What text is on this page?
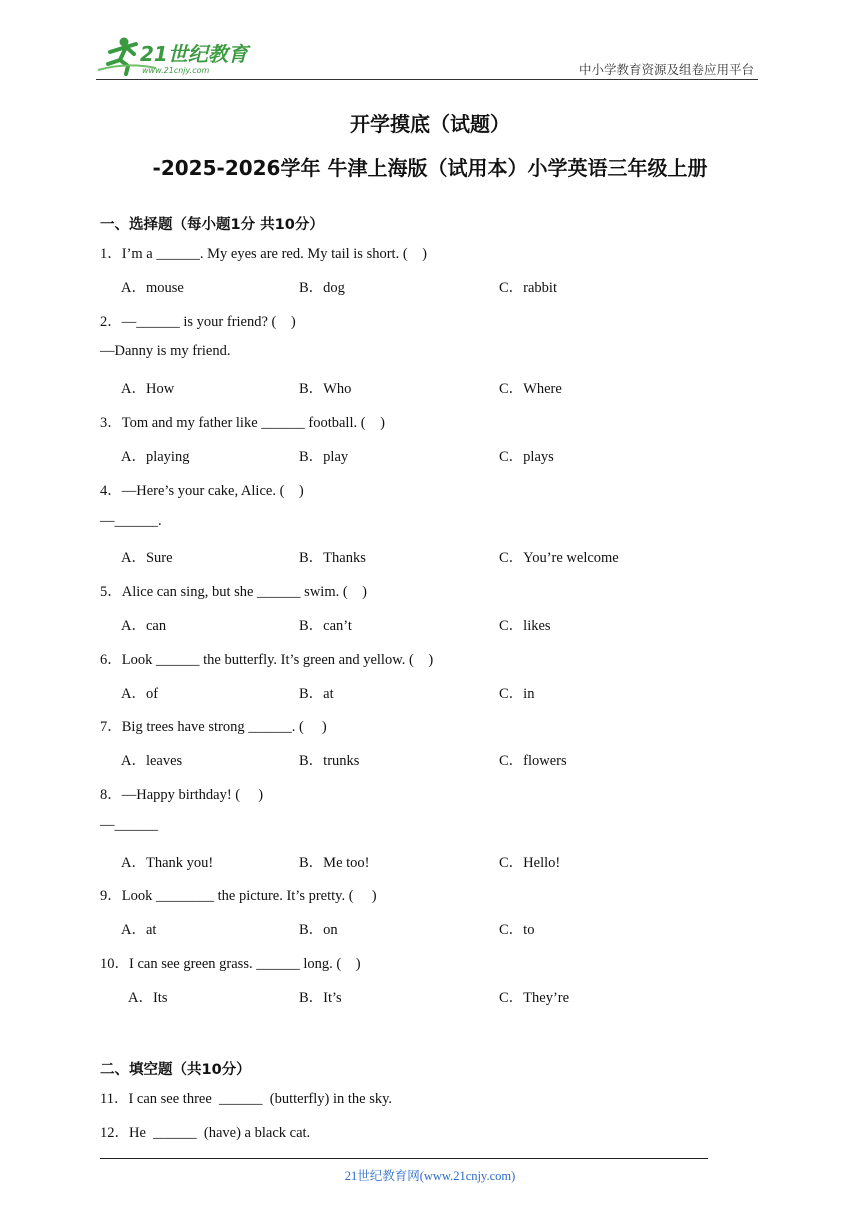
21世纪教育
www.21cnjy.com	中小学教育资源及组卷应用平台
开学摸底（试题）
-2025-2026学年 牛津上海版（试用本）小学英语三年级上册
一、选择题（每小题1分 共10分）
1．I’m a ______. My eyes are red. My tail is short. (    )
A．mouse	B．dog	C．rabbit
2．—______ is your friend? (    )
—Danny is my friend.
A．How	B．Who	C．Where
3．Tom and my father like ______ football. (    )
A．playing	B．play	C．plays
4．—Here’s your cake, Alice. (    )
—______.
A．Sure	B．Thanks	C．You’re welcome
5．Alice can sing, but she ______ swim. (    )
A．can	B．can’t	C．likes
6．Look ______ the butterfly. It’s green and yellow. (    )
A．of	B．at	C．in
7．Big trees have strong ______. (     )
A．leaves	B．trunks	C．flowers
8．—Happy birthday! (     )
—______
A．Thank you!	B．Me too!	C．Hello!
9．Look ________ the picture. It’s pretty. (     )
A．at	B．on	C．to
10．I can see green grass. ______ long. (    )
A．Its	B．It’s	C．They’re
二、填空题（共10分）
11．I can see three  ______  (butterfly) in the sky.
12．He  ______  (have) a black cat.
21世纪教育网(www.21cnjy.com)
